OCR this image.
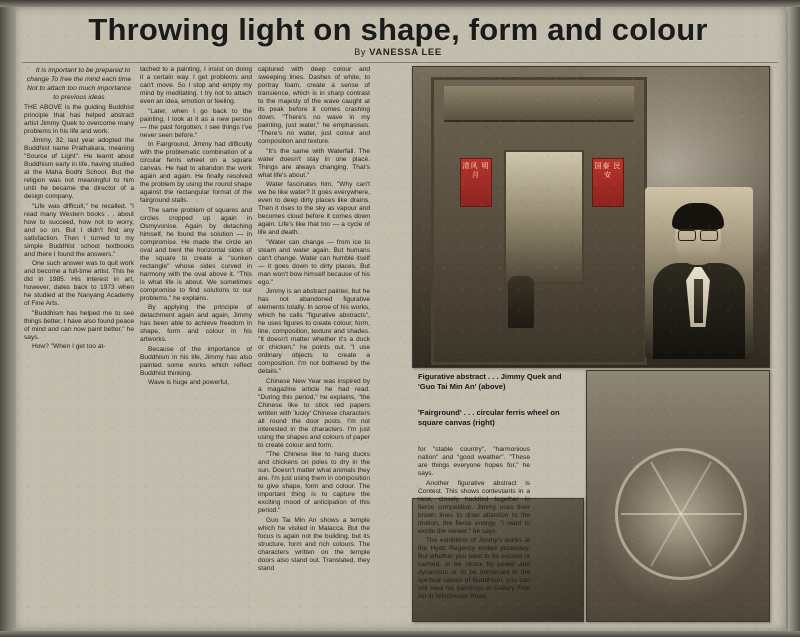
Throwing light on shape, form and colour
By VANESSA LEE

It is important to be prepared to change To free the mind each time Not to attach too much importance to previous ideas

THE ABOVE is the guiding Buddhist principle that has helped abstract artist Jimmy Quek to overcome many problems in his life and work.

Jimmy, 32, last year adopted the Buddhist name Prathakara, meaning "Source of Light". He learnt about Buddhism early in life, having studied at the Maha Bodhi School. But the religion was not meaningful to him until he became the director of a design company.

"Life was difficult," he recalled. "I read many Western books . . about how to succeed, how not to worry, and so on. But I didn't find any satisfaction. Then I turned to my simple Buddhist school textbooks and there I found the answers."

One such answer was to quit work and become a full-time artist. This he did in 1985. His interest in art, however, dates back to 1973 when he studied at the Nanyang Academy of Fine Arts.

"Buddhism has helped me to see things better. I have also found peace of mind and can now paint better," he says.

How? "When I get too at-

tached to a painting, I insist on doing it a certain way. I get problems and can't move. So I stop and empty my mind by meditating. I try not to attach even an idea, emotion or feeling.

"Later, when I go back to the painting, I look at it as a new person — the past forgotten. I see things I've never seen before."

In Fairground, Jimmy had difficulty with the problematic combination of a circular ferris wheel on a square canvas. He had to abandon the work again and again. He finally resolved the problem by using the round shape against the rectangular format of the fairground stalls.

The same problem of squares and circles cropped up again in Osmyvonise. Again by detaching himself, he found the solution — in compromise. He made the circle an oval and bent the horizontal sides of the square to create a "sunken rectangle" whose sides curved in harmony with the oval above it. "This is what life is about. We sometimes compromise to find solutions to our problems," he explains.

By applying the principle of detachment again and again, Jimmy has been able to achieve freedom in shape, form and colour in his artworks.

Because of the importance of Buddhism in his life, Jimmy has also painted some works which reflect Buddhist thinking.

Wave is huge and powerful,

captured with deep colour and sweeping lines. Dashes of white, to portray foam, create a sense of transience, which is in sharp contrast to the majesty of the wave caught at its peak before it comes crashing down. "There's no wave in my painting, just water," he emphasises. "There's no water, just colour and composition and texture.

"It's the same with Waterfall. The water doesn't stay in one place. Things are always changing. That's what life's about."

Water fascinates him. "Why can't we be like water? It goes everywhere, even to deep dirty places like drains. Then it rises to the sky as vapour and becomes cloud before it comes down again. Life's like that too — a cycle of life and death.

"Water can change — from ice to steam and water again. But humans can't change. Water can humble itself — it goes down to dirty places. But man won't bow himself because of his ego."

Jimmy is an abstract painter, but he has not abandoned figurative elements totally. In some of his works, which he calls "figurative abstracts", he uses figures to create colour, form, line, composition, texture and shades. "It doesn't matter whether it's a duck or chicken," he points out. "I use ordinary objects to create a composition. I'm not bothered by the details."

Chinese New Year was inspired by a magazine article he had read. "During this period," he explains, "the Chinese like to stick red papers written with 'lucky' Chinese characters all round the door posts. I'm not interested in the characters. I'm just using the shapes and colours of paper to create colour and form.

"The Chinese like to hang ducks and chickens on poles to dry in the sun. Doesn't matter what animals they are. I'm just using them in composition to give shape, form and colour. The important thing is to capture the exciting mood of anticipation of this period."

Guo Tai Min An shows a temple which he visited in Malacca. But the focus is again not the building, but its structure, form and rich colours. The characters written on the temple doors also stand out. Translated, they stand

清风 明月
国泰 民安
Figurative abstract . . . Jimmy Quek and 'Guo Tai Min An' (above)
'Fairground' . . . circular ferris wheel on square canvas (right)

for "stable country", "harmonious nation" and "good weather". "These are things everyone hopes for," he says.

Another figurative abstract is Contest. This shows contestants in a race, closely huddled together in fierce competition. Jimmy uses their brown lines to draw attention to the motion, the fierce energy. "I want to excite the viewer," he says.

The exhibition of Jimmy's works at the Hyatt Regency ended yesterday. But whether you want to be excited or calmed, to be struck by power and dynamism or to be immersed in the spiritual values of Buddhism, you can still view his paintings at Gallery Fine Art in Winchester Road.
